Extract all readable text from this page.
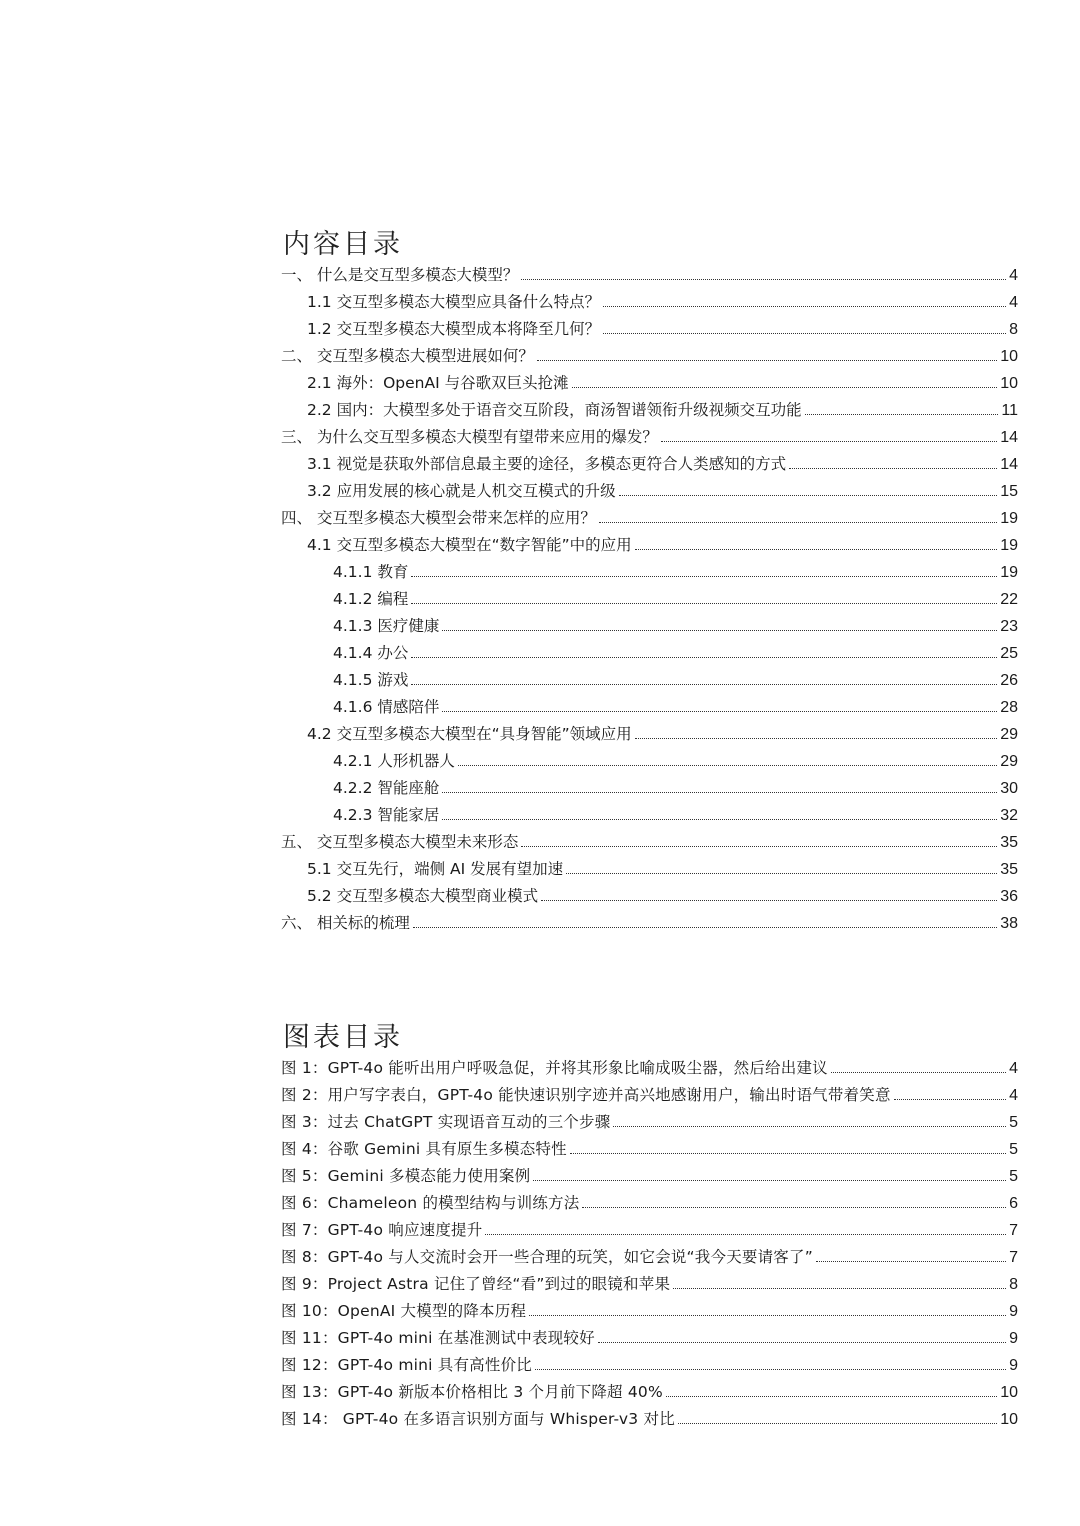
内容目录
一、 什么是交互型多模态大模型？	4
1.1 交互型多模态大模型应具备什么特点？	4
1.2 交互型多模态大模型成本将降至几何？	8
二、 交互型多模态大模型进展如何？	10
2.1 海外：OpenAI 与谷歌双巨头抢滩	10
2.2 国内：大模型多处于语音交互阶段，商汤智谱领衔升级视频交互功能	11
三、 为什么交互型多模态大模型有望带来应用的爆发？	14
3.1 视觉是获取外部信息最主要的途径，多模态更符合人类感知的方式	14
3.2 应用发展的核心就是人机交互模式的升级	15
四、 交互型多模态大模型会带来怎样的应用？	19
4.1 交互型多模态大模型在“数字智能”中的应用	19
4.1.1 教育	19
4.1.2 编程	22
4.1.3 医疗健康	23
4.1.4 办公	25
4.1.5 游戏	26
4.1.6 情感陪伴	28
4.2 交互型多模态大模型在“具身智能”领域应用	29
4.2.1 人形机器人	29
4.2.2 智能座舱	30
4.2.3 智能家居	32
五、 交互型多模态大模型未来形态	35
5.1 交互先行，端侧 AI 发展有望加速	35
5.2 交互型多模态大模型商业模式	36
六、 相关标的梳理	38
图表目录
图 1：GPT-4o 能听出用户呼吸急促，并将其形象比喻成吸尘器，然后给出建议	4
图 2：用户写字表白，GPT-4o 能快速识别字迹并高兴地感谢用户，输出时语气带着笑意	4
图 3：过去 ChatGPT 实现语音互动的三个步骤	5
图 4：谷歌 Gemini 具有原生多模态特性	5
图 5：Gemini 多模态能力使用案例	5
图 6：Chameleon 的模型结构与训练方法	6
图 7：GPT-4o 响应速度提升	7
图 8：GPT-4o 与人交流时会开一些合理的玩笑，如它会说“我今天要请客了”	7
图 9：Project Astra 记住了曾经“看”到过的眼镜和苹果	8
图 10：OpenAI 大模型的降本历程	9
图 11：GPT-4o mini 在基准测试中表现较好	9
图 12：GPT-4o mini 具有高性价比	9
图 13：GPT-4o 新版本价格相比 3 个月前下降超 40%	10
图 14： GPT-4o 在多语言识别方面与 Whisper-v3 对比	10
